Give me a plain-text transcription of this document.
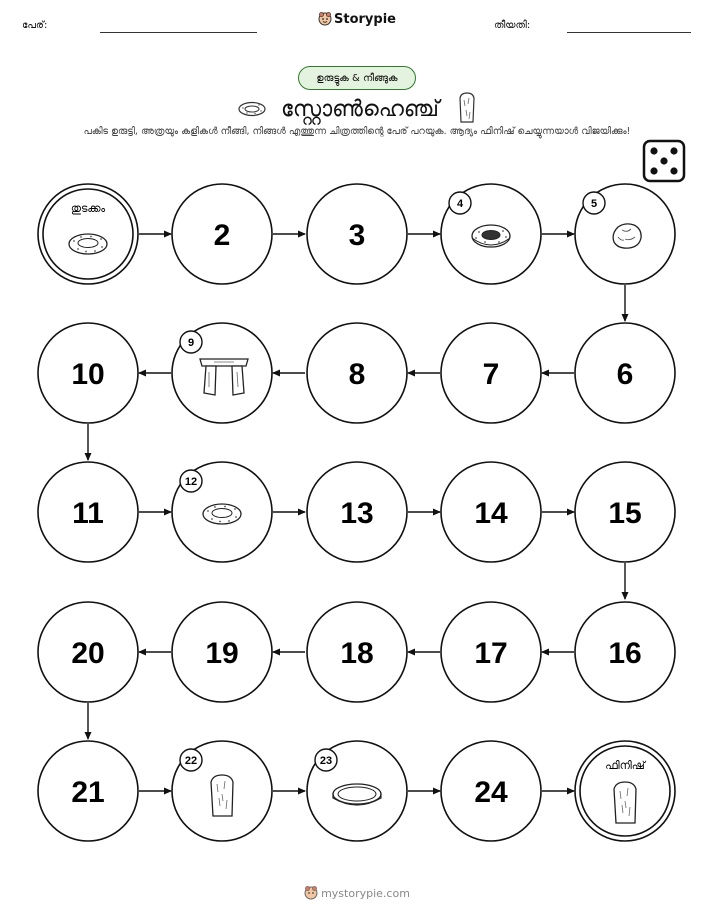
പേര്:	Storypie	തീയതി:
ഉരുട്ടുക & നീങ്ങുക
സ്റ്റോൺഹെഞ്ച്
പകിട ഉരുട്ടി, അത്രയും കളികൾ നീങ്ങി, നിങ്ങൾ എത്തുന്ന ചിത്രത്തിന്റെ പേര് പറയുക. ആദ്യം ഫിനിഷ് ചെയ്യുന്നയാൾ വിജയിക്കും!
തുടക്കം
2	3
4	5
6
7
8
9
10
11
12
13	14	15
16
17
18
19
20
21
22	23
24
ഫിനിഷ്
mystorypie.com
